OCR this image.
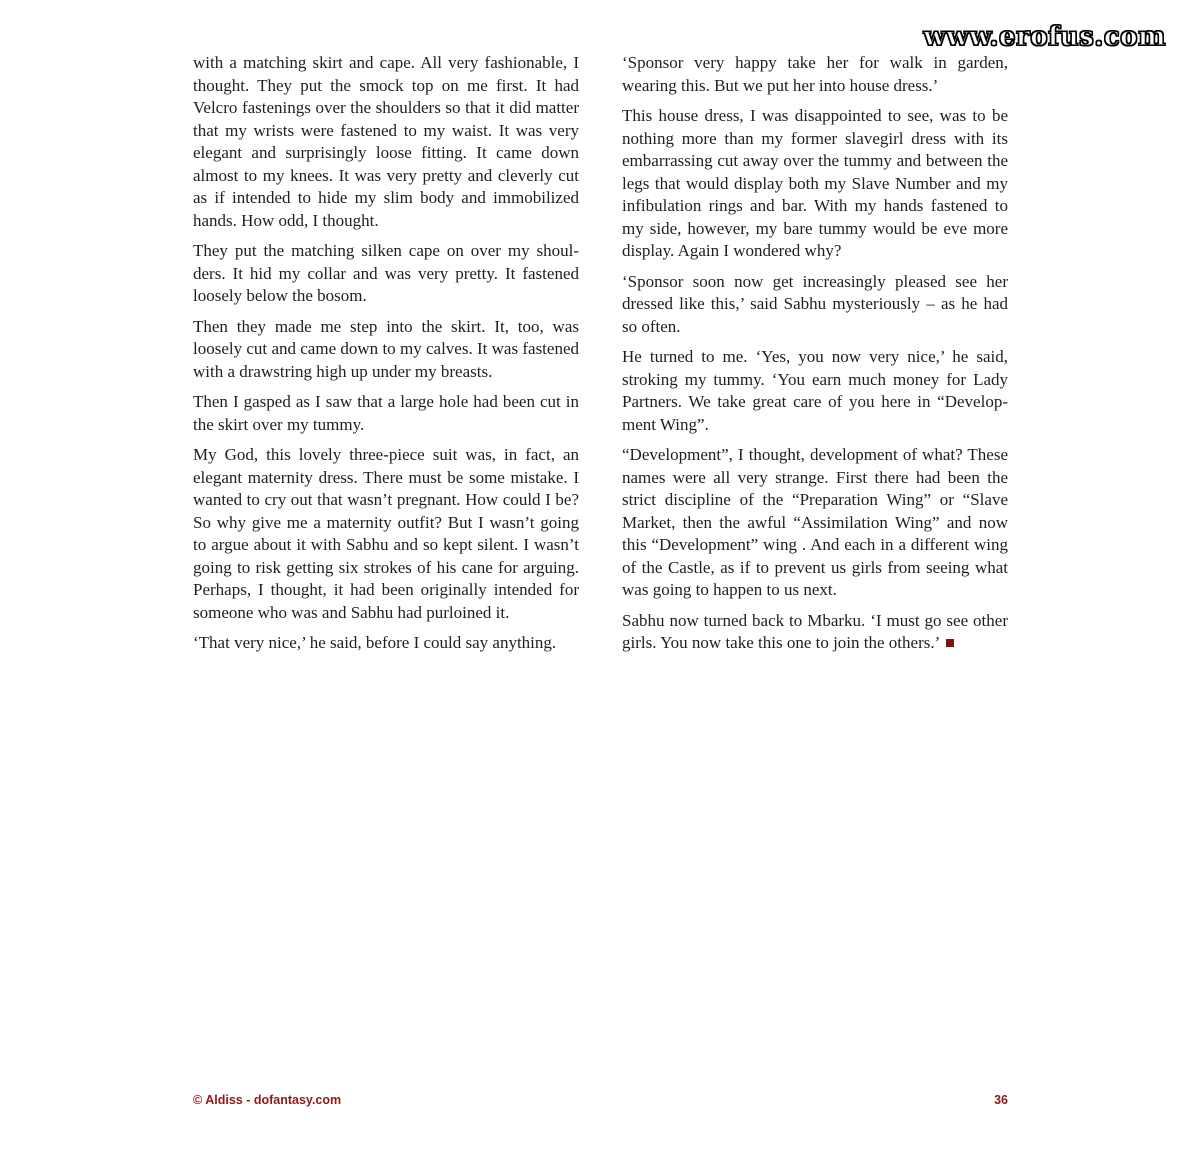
www.erofus.com

with a matching skirt and cape. All very fashionable, I thought. They put the smock top on me first. It had Velcro fastenings over the shoulders so that it did matter that my wrists were fastened to my waist. It was very elegant and surprisingly loose fitting. It came down almost to my knees. It was very pretty and cleverly cut as if intended to hide my slim body and immobilized hands. How odd, I thought.

They put the matching silken cape on over my shoulders. It hid my collar and was very pretty. It fastened loosely below the bosom.

Then they made me step into the skirt. It, too, was loosely cut and came down to my calves. It was fastened with a drawstring high up under my breasts.

Then I gasped as I saw that a large hole had been cut in the skirt over my tummy.

My God, this lovely three-piece suit was, in fact, an elegant maternity dress. There must be some mistake. I wanted to cry out that wasn’t pregnant. How could I be? So why give me a maternity outfit? But I wasn’t going to argue about it with Sabhu and so kept silent. I wasn’t going to risk getting six strokes of his cane for arguing. Perhaps, I thought, it had been originally intended for someone who was and Sabhu had purloined it.

‘That very nice,’ he said, before I could say anything.

‘Sponsor very happy take her for walk in garden, wearing this. But we put her into house dress.’

This house dress, I was disappointed to see, was to be nothing more than my former slavegirl dress with its embarrassing cut away over the tummy and between the legs that would display both my Slave Number and my infibulation rings and bar. With my hands fastened to my side, however, my bare tummy would be eve more display. Again I wondered why?

‘Sponsor soon now get increasingly pleased see her dressed like this,’ said Sabhu mysteriously – as he had so often.

He turned to me. ‘Yes, you now very nice,’ he said, stroking my tummy. ‘You earn much money for Lady Partners. We take great care of you here in “Development Wing”.

“Development”, I thought, development of what? These names were all very strange. First there had been the strict discipline of the “Preparation Wing” or “Slave Market, then the awful “Assimilation Wing” and now this “Development” wing . And each in a different wing of the Castle, as if to prevent us girls from seeing what was going to happen to us next.

Sabhu now turned back to Mbarku. ‘I must go see other girls. You now take this one to join the others.’

© Aldiss - dofantasy.com	36
